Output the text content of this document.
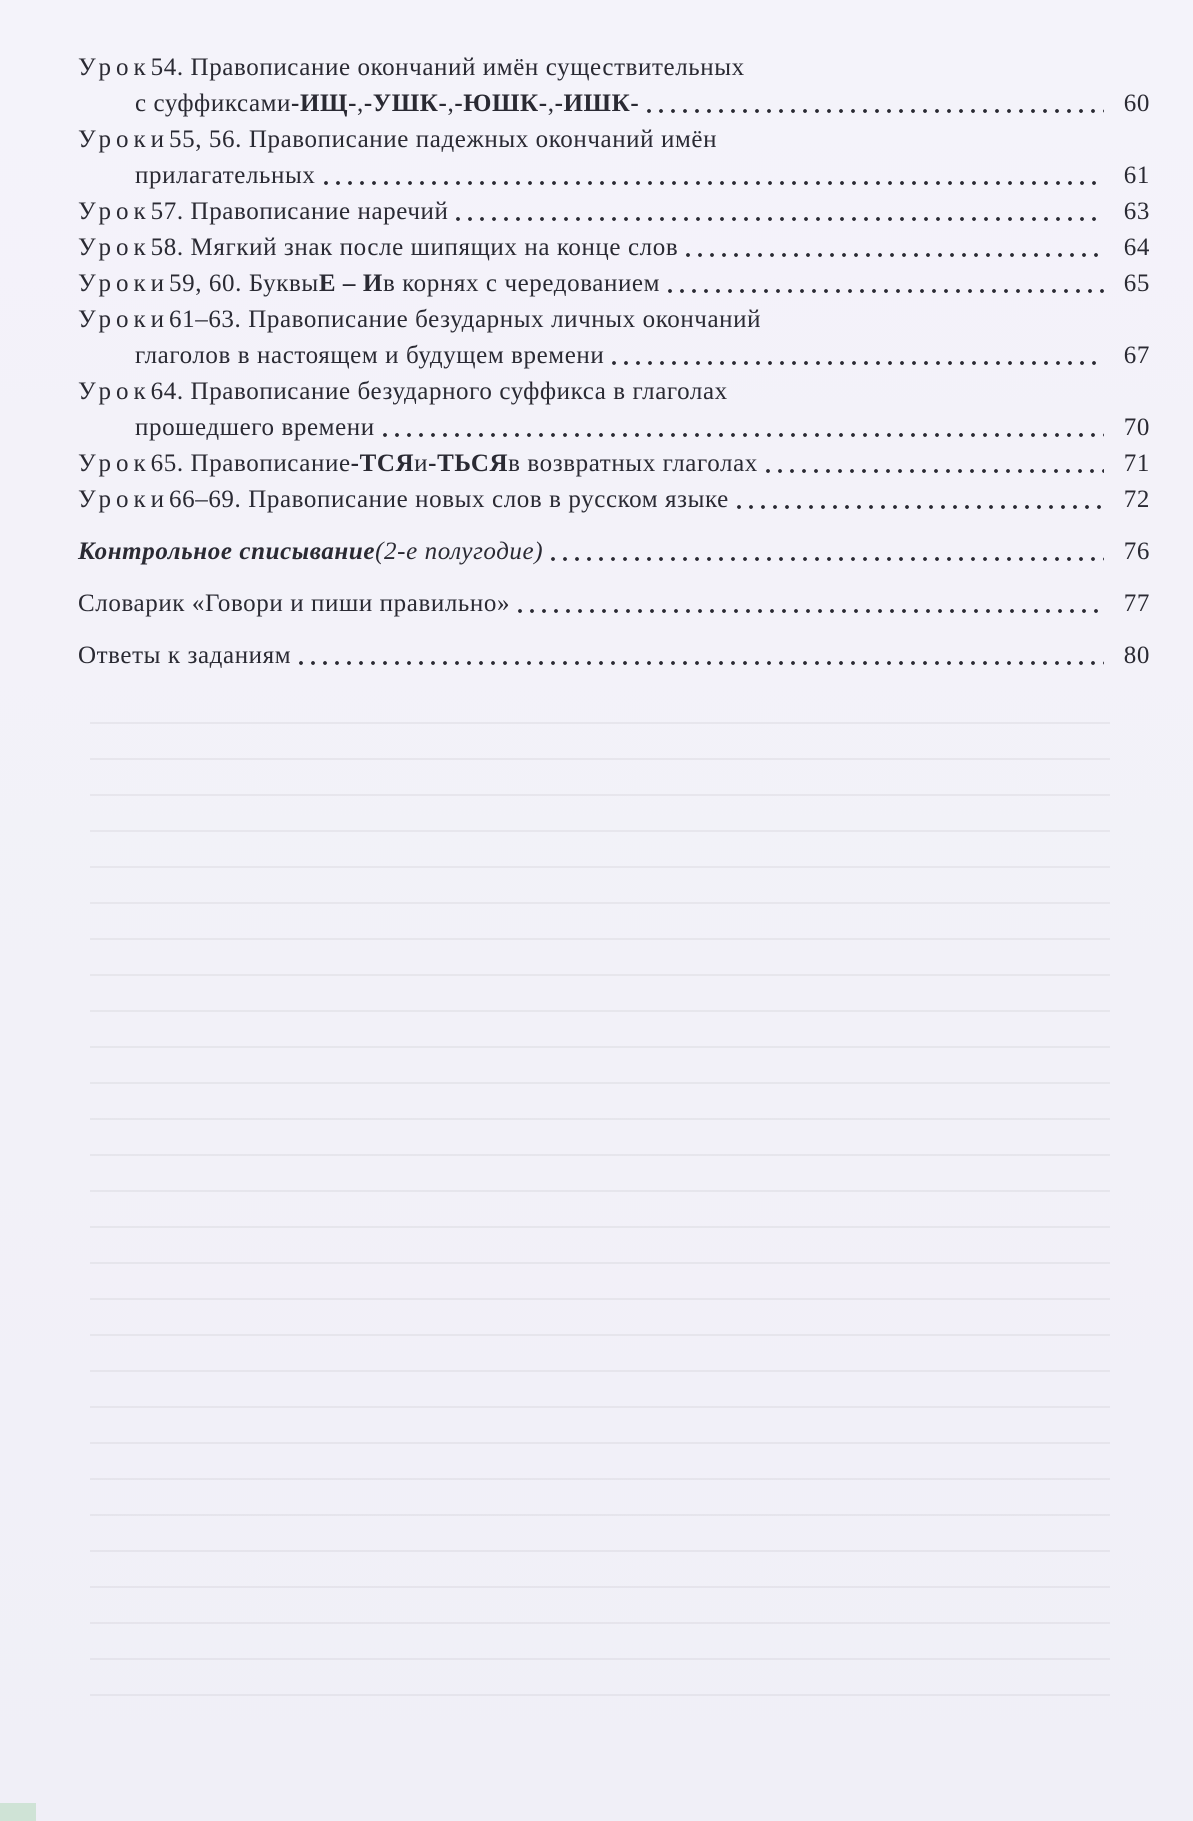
Урок 54. Правописание окончаний имён существительных
с суффиксами -ИЩ- , -УШК- , -ЮШК- , -ИШК-	60
Уроки 55, 56. Правописание падежных окончаний имён
прилагательных	61
Урок 57. Правописание наречий	63
Урок 58. Мягкий знак после шипящих на конце слов	64
Уроки 59, 60. Буквы Е – И в корнях с чередованием	65
Уроки 61–63. Правописание безударных личных окончаний
глаголов в настоящем и будущем времени	67
Урок 64. Правописание безударного суффикса в глаголах
прошедшего времени	70
Урок 65. Правописание -ТСЯ и -ТЬСЯ в возвратных глаголах	71
Уроки 66–69. Правописание новых слов в русском языке	72
Контрольное списывание (2-е полугодие)	76
Словарик «Говори и пиши правильно»	77
Ответы к заданиям	80
